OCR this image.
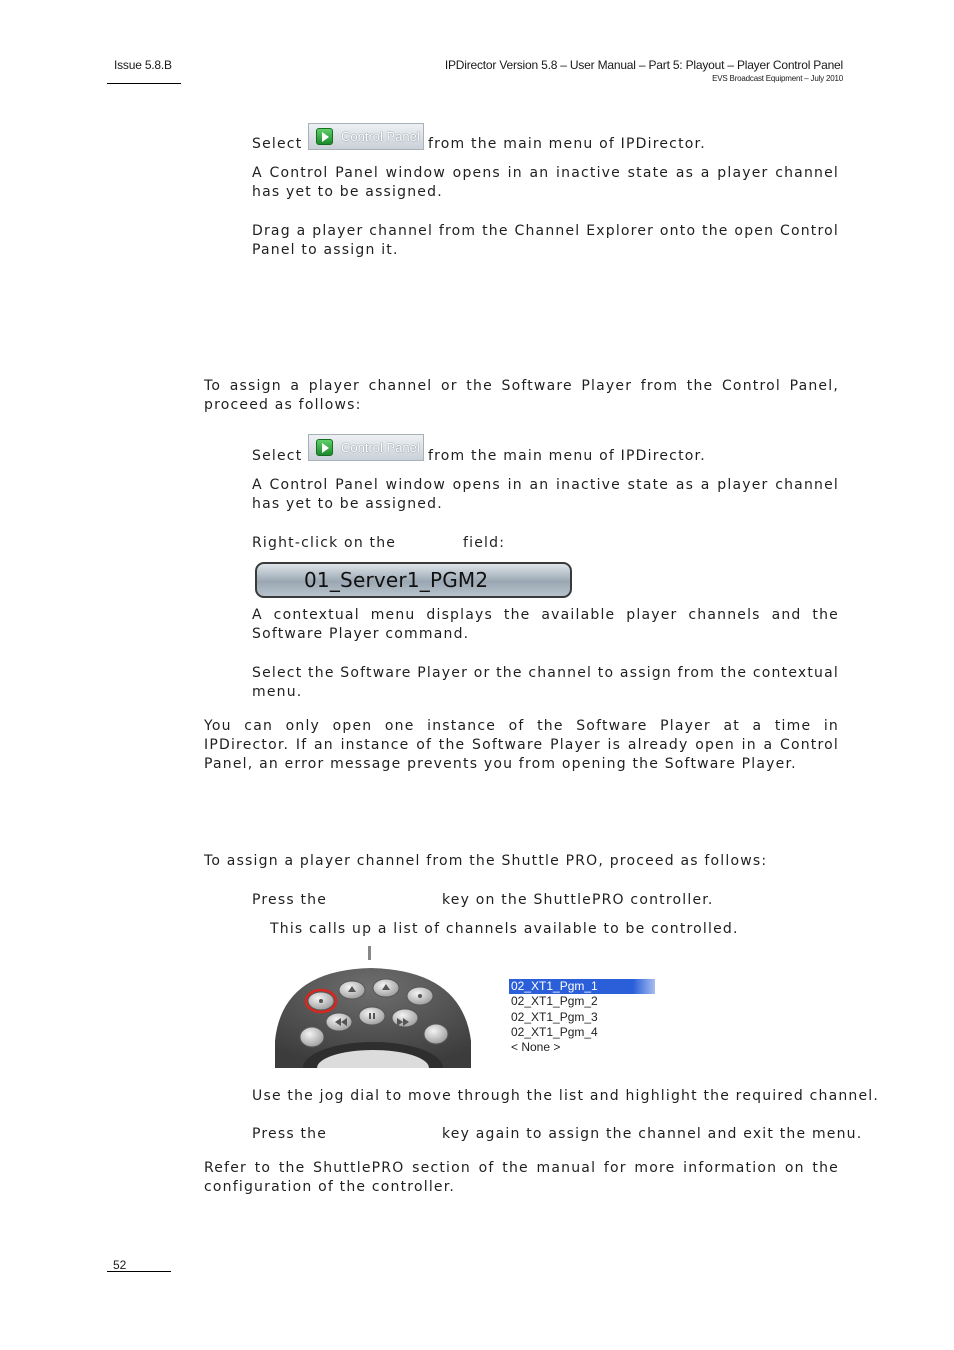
Issue 5.8.B	IPDirector Version 5.8 – User Manual – Part 5: Playout – Player Control Panel
EVS Broadcast Equipment – July 2010
Select	Control Panel from the main menu of IPDirector.
A Control Panel window opens in an inactive state as a player channel has yet to be assigned.
Drag a player channel from the Channel Explorer onto the open Control Panel to assign it.
To assign a player channel or the Software Player from the Control Panel, proceed as follows:
Select
Control Panel
from the main menu of IPDirector.
A Control Panel window opens in an inactive state as a player channel has yet to be assigned.
Right-click on the	field:
01_Server1_PGM2
A contextual menu displays the available player channels and the Software Player command.
Select the Software Player or the channel to assign from the contextual menu.
You can only open one instance of the Software Player at a time in IPDirector. If an instance of the Software Player is already open in a Control Panel, an error message prevents you from opening the Software Player.
To assign a player channel from the Shuttle PRO, proceed as follows:
Press the	key on the ShuttlePRO controller.
This calls up a list of channels available to be controlled.
02_XT1_Pgm_1
02_XT1_Pgm_2
02_XT1_Pgm_3
02_XT1_Pgm_4
< None >
Use the jog dial to move through the list and highlight the required channel.
Press the	key again to assign the channel and exit the menu.
Refer to the ShuttlePRO section of the manual for more information on the configuration of the controller.
52
